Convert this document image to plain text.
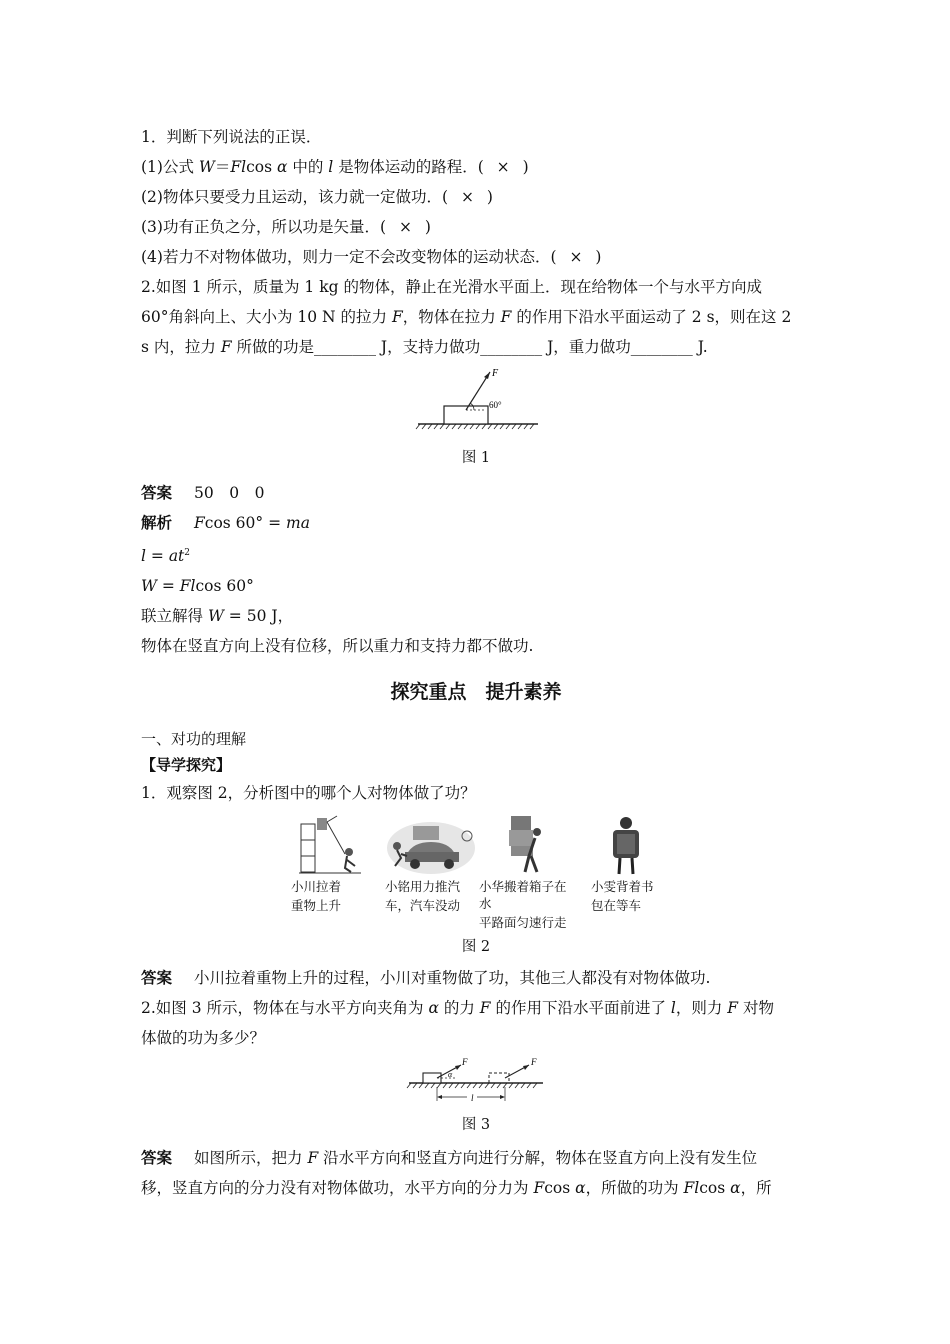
1．判断下列说法的正误．
(1)公式 W＝Flcos α 中的 l 是物体运动的路程．( × )
(2)物体只要受力且运动，该力就一定做功．( × )
(3)功有正负之分，所以功是矢量．( × )
(4)若力不对物体做功，则力一定不会改变物体的运动状态．( × )
2.如图 1 所示，质量为 1 kg 的物体，静止在光滑水平面上．现在给物体一个与水平方向成
60°角斜向上、大小为 10 N 的拉力 F，物体在拉力 F 的作用下沿水平面运动了 2 s，则在这 2
s 内，拉力 F 所做的功是________ J，支持力做功________ J，重力做功________ J.
F
60°
图 1
答案 50　0　0
解析 Fcos 60° = ma
$l = at^2$
W = Flcos 60°
联立解得 W = 50 J，
物体在竖直方向上没有位移，所以重力和支持力都不做功.
探究重点　提升素养
一、对功的理解
【导学探究】
1．观察图 2，分析图中的哪个人对物体做了功？
小川拉着
重物上升
小铭用力推汽
车，汽车没动
小华搬着箱子在水
平路面匀速行走
小雯背着书
包在等车
图 2
答案 小川拉着重物上升的过程，小川对重物做了功，其他三人都没有对物体做功.
2.如图 3 所示，物体在与水平方向夹角为 α 的力 F 的作用下沿水平面前进了 l，则力 F 对物
体做的功为多少？
F
α
F
l
图 3
答案 如图所示，把力 F 沿水平方向和竖直方向进行分解，物体在竖直方向上没有发生位
移，竖直方向的分力没有对物体做功，水平方向的分力为 Fcos α，所做的功为 Flcos α，所
